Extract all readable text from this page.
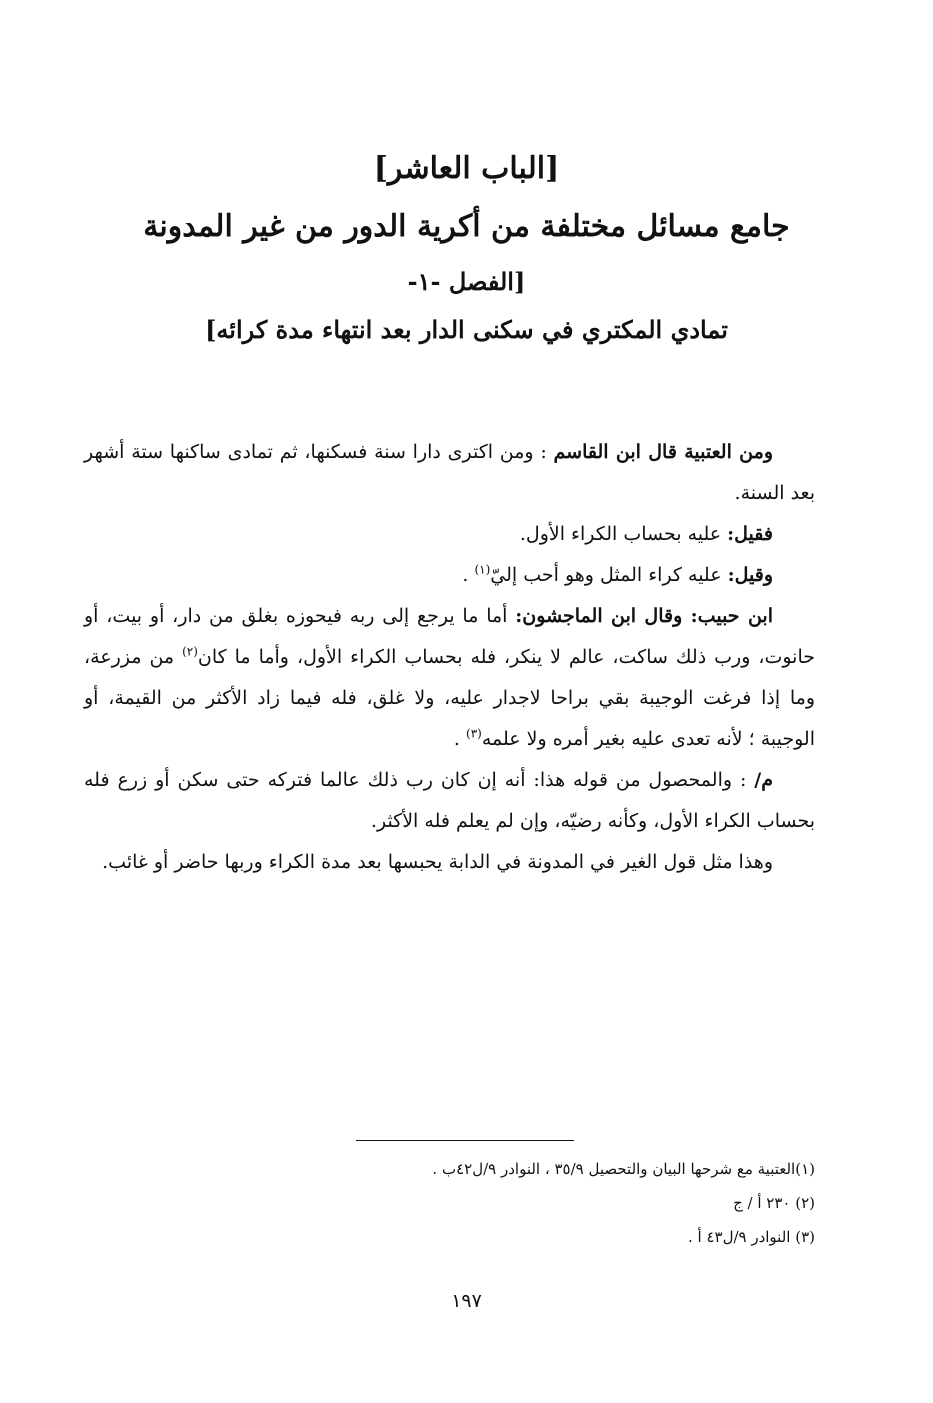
[الباب العاشر]

جامع مسائل مختلفة من أكرية الدور من غير المدونة

[الفصل -١-

تمادي المكتري في سكنى الدار بعد انتهاء مدة كرائه]

ومن العتبية قال ابن القاسم : ومن اكترى دارا سنة فسكنها، ثم تمادى ساكنها ستة أشهر بعد السنة.

فقيل: عليه بحساب الكراء الأول.

وقيل: عليه كراء المثل وهو أحب إليّ$^{(١)}$ .

ابن حبيب: وقال ابن الماجشون: أما ما يرجع إلى ربه فيحوزه بغلق من دار، أو بيت، أو حانوت، ورب ذلك ساكت، عالم لا ينكر، فله بحساب الكراء الأول، وأما ما كان$^{(٢)}$ من مزرعة، وما إذا فرغت الوجيبة بقي براحا لاجدار عليه، ولا غلق، فله فيما زاد الأكثر من القيمة، أو الوجيبة ؛ لأنه تعدى عليه بغير أمره ولا علمه$^{(٣)}$ .

م/ : والمحصول من قوله هذا: أنه إن كان رب ذلك عالما فتركه حتى سكن أو زرع فله بحساب الكراء الأول، وكأنه رضيّه، وإن لم يعلم فله الأكثر.

وهذا مثل قول الغير في المدونة في الدابة يحبسها بعد مدة الكراء وربها حاضر أو غائب.

(١)العتبية مع شرحها البيان والتحصيل ٣٥/٩ ، النوادر ٩/ل٤٢ب .

(٢) ٢٣٠ أ / ج

(٣) النوادر ٩/ل٤٣ أ .

١٩٧
